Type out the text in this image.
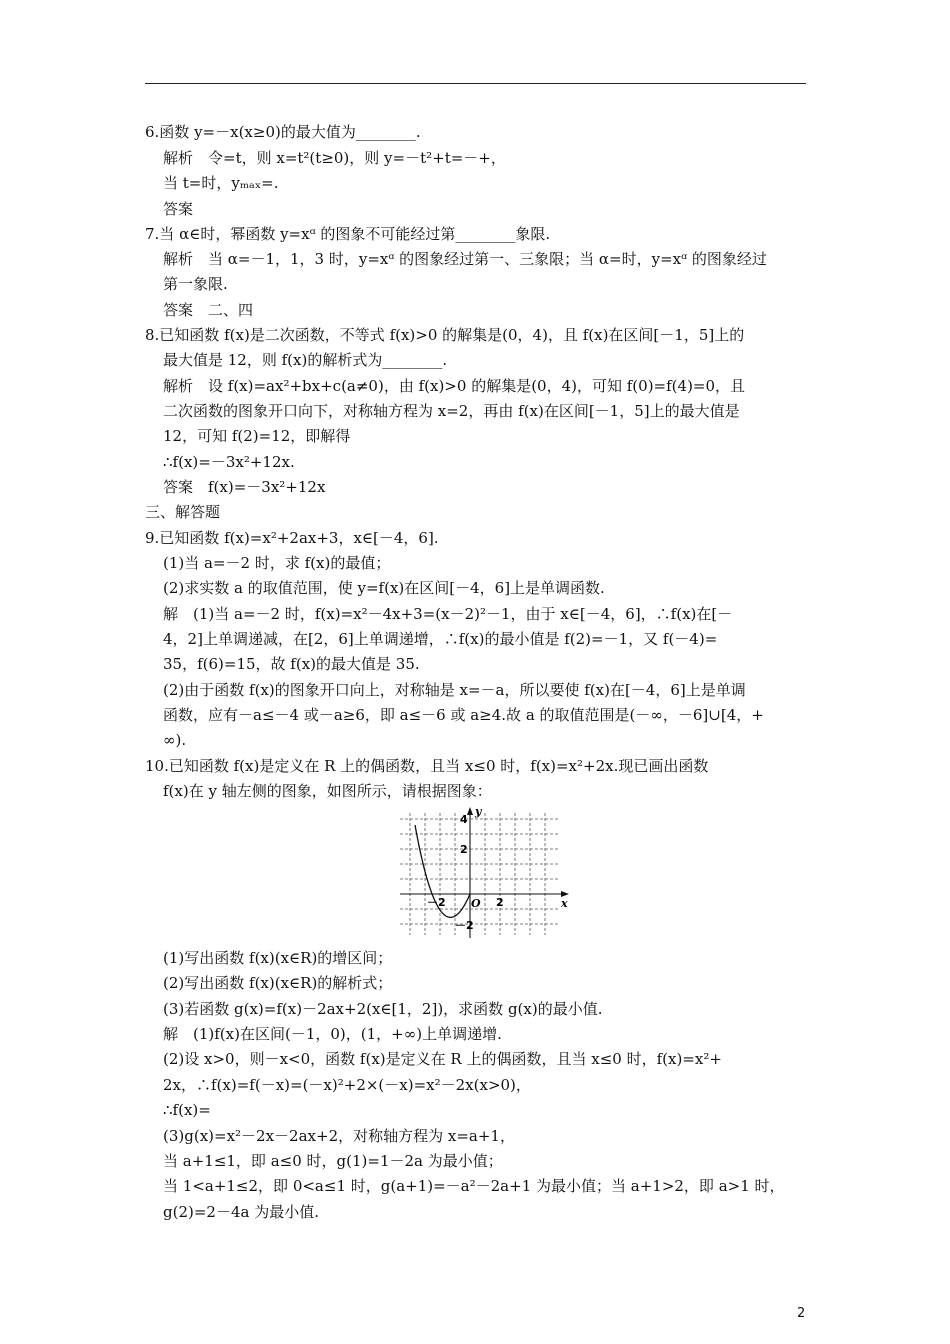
6.函数 y=－x(x≥0)的最大值为________.
解析　令=t，则 x=t²(t≥0)，则 y=－t²+t=－+，
当 t=时，yₘₐₓ=.
答案
7.当 α∈时，幂函数 y=xᵅ 的图象不可能经过第________象限.
解析　当 α=－1，1，3 时，y=xᵅ 的图象经过第一、三象限；当 α=时，y=xᵅ 的图象经过
第一象限.
答案　二、四
8.已知函数 f(x)是二次函数，不等式 f(x)>0 的解集是(0，4)，且 f(x)在区间[－1，5]上的
最大值是 12，则 f(x)的解析式为________.
解析　设 f(x)=ax²+bx+c(a≠0)，由 f(x)>0 的解集是(0，4)，可知 f(0)=f(4)=0，且
二次函数的图象开口向下，对称轴方程为 x=2，再由 f(x)在区间[－1，5]上的最大值是
12，可知 f(2)=12，即解得
∴f(x)=－3x²+12x.
答案　f(x)=－3x²+12x
三、解答题
9.已知函数 f(x)=x²+2ax+3，x∈[－4，6].
(1)当 a=－2 时，求 f(x)的最值；
(2)求实数 a 的取值范围，使 y=f(x)在区间[－4，6]上是单调函数.
解　(1)当 a=－2 时，f(x)=x²－4x+3=(x－2)²－1，由于 x∈[－4，6]，∴f(x)在[－
4，2]上单调递减，在[2，6]上单调递增，∴f(x)的最小值是 f(2)=－1，又 f(－4)=
35，f(6)=15，故 f(x)的最大值是 35.
(2)由于函数 f(x)的图象开口向上，对称轴是 x=－a，所以要使 f(x)在[－4，6]上是单调
函数，应有－a≤－4 或－a≥6，即 a≤－6 或 a≥4.故 a 的取值范围是(－∞，－6]∪[4，+
∞).
10.已知函数 f(x)是定义在 R 上的偶函数，且当 x≤0 时，f(x)=x²+2x.现已画出函数
f(x)在 y 轴左侧的图象，如图所示，请根据图象：
y
x
O
4
2
－2	2
－2
(1)写出函数 f(x)(x∈R)的增区间；
(2)写出函数 f(x)(x∈R)的解析式；
(3)若函数 g(x)=f(x)－2ax+2(x∈[1，2])，求函数 g(x)的最小值.
解　(1)f(x)在区间(－1，0)，(1，+∞)上单调递增.
(2)设 x>0，则－x<0，函数 f(x)是定义在 R 上的偶函数，且当 x≤0 时，f(x)=x²+
2x，∴f(x)=f(－x)=(－x)²+2×(－x)=x²－2x(x>0)，
∴f(x)=
(3)g(x)=x²－2x－2ax+2，对称轴方程为 x=a+1，
当 a+1≤1，即 a≤0 时，g(1)=1－2a 为最小值；
当 1<a+1≤2，即 0<a≤1 时，g(a+1)=－a²－2a+1 为最小值；当 a+1>2，即 a>1 时，
g(2)=2－4a 为最小值.
2
